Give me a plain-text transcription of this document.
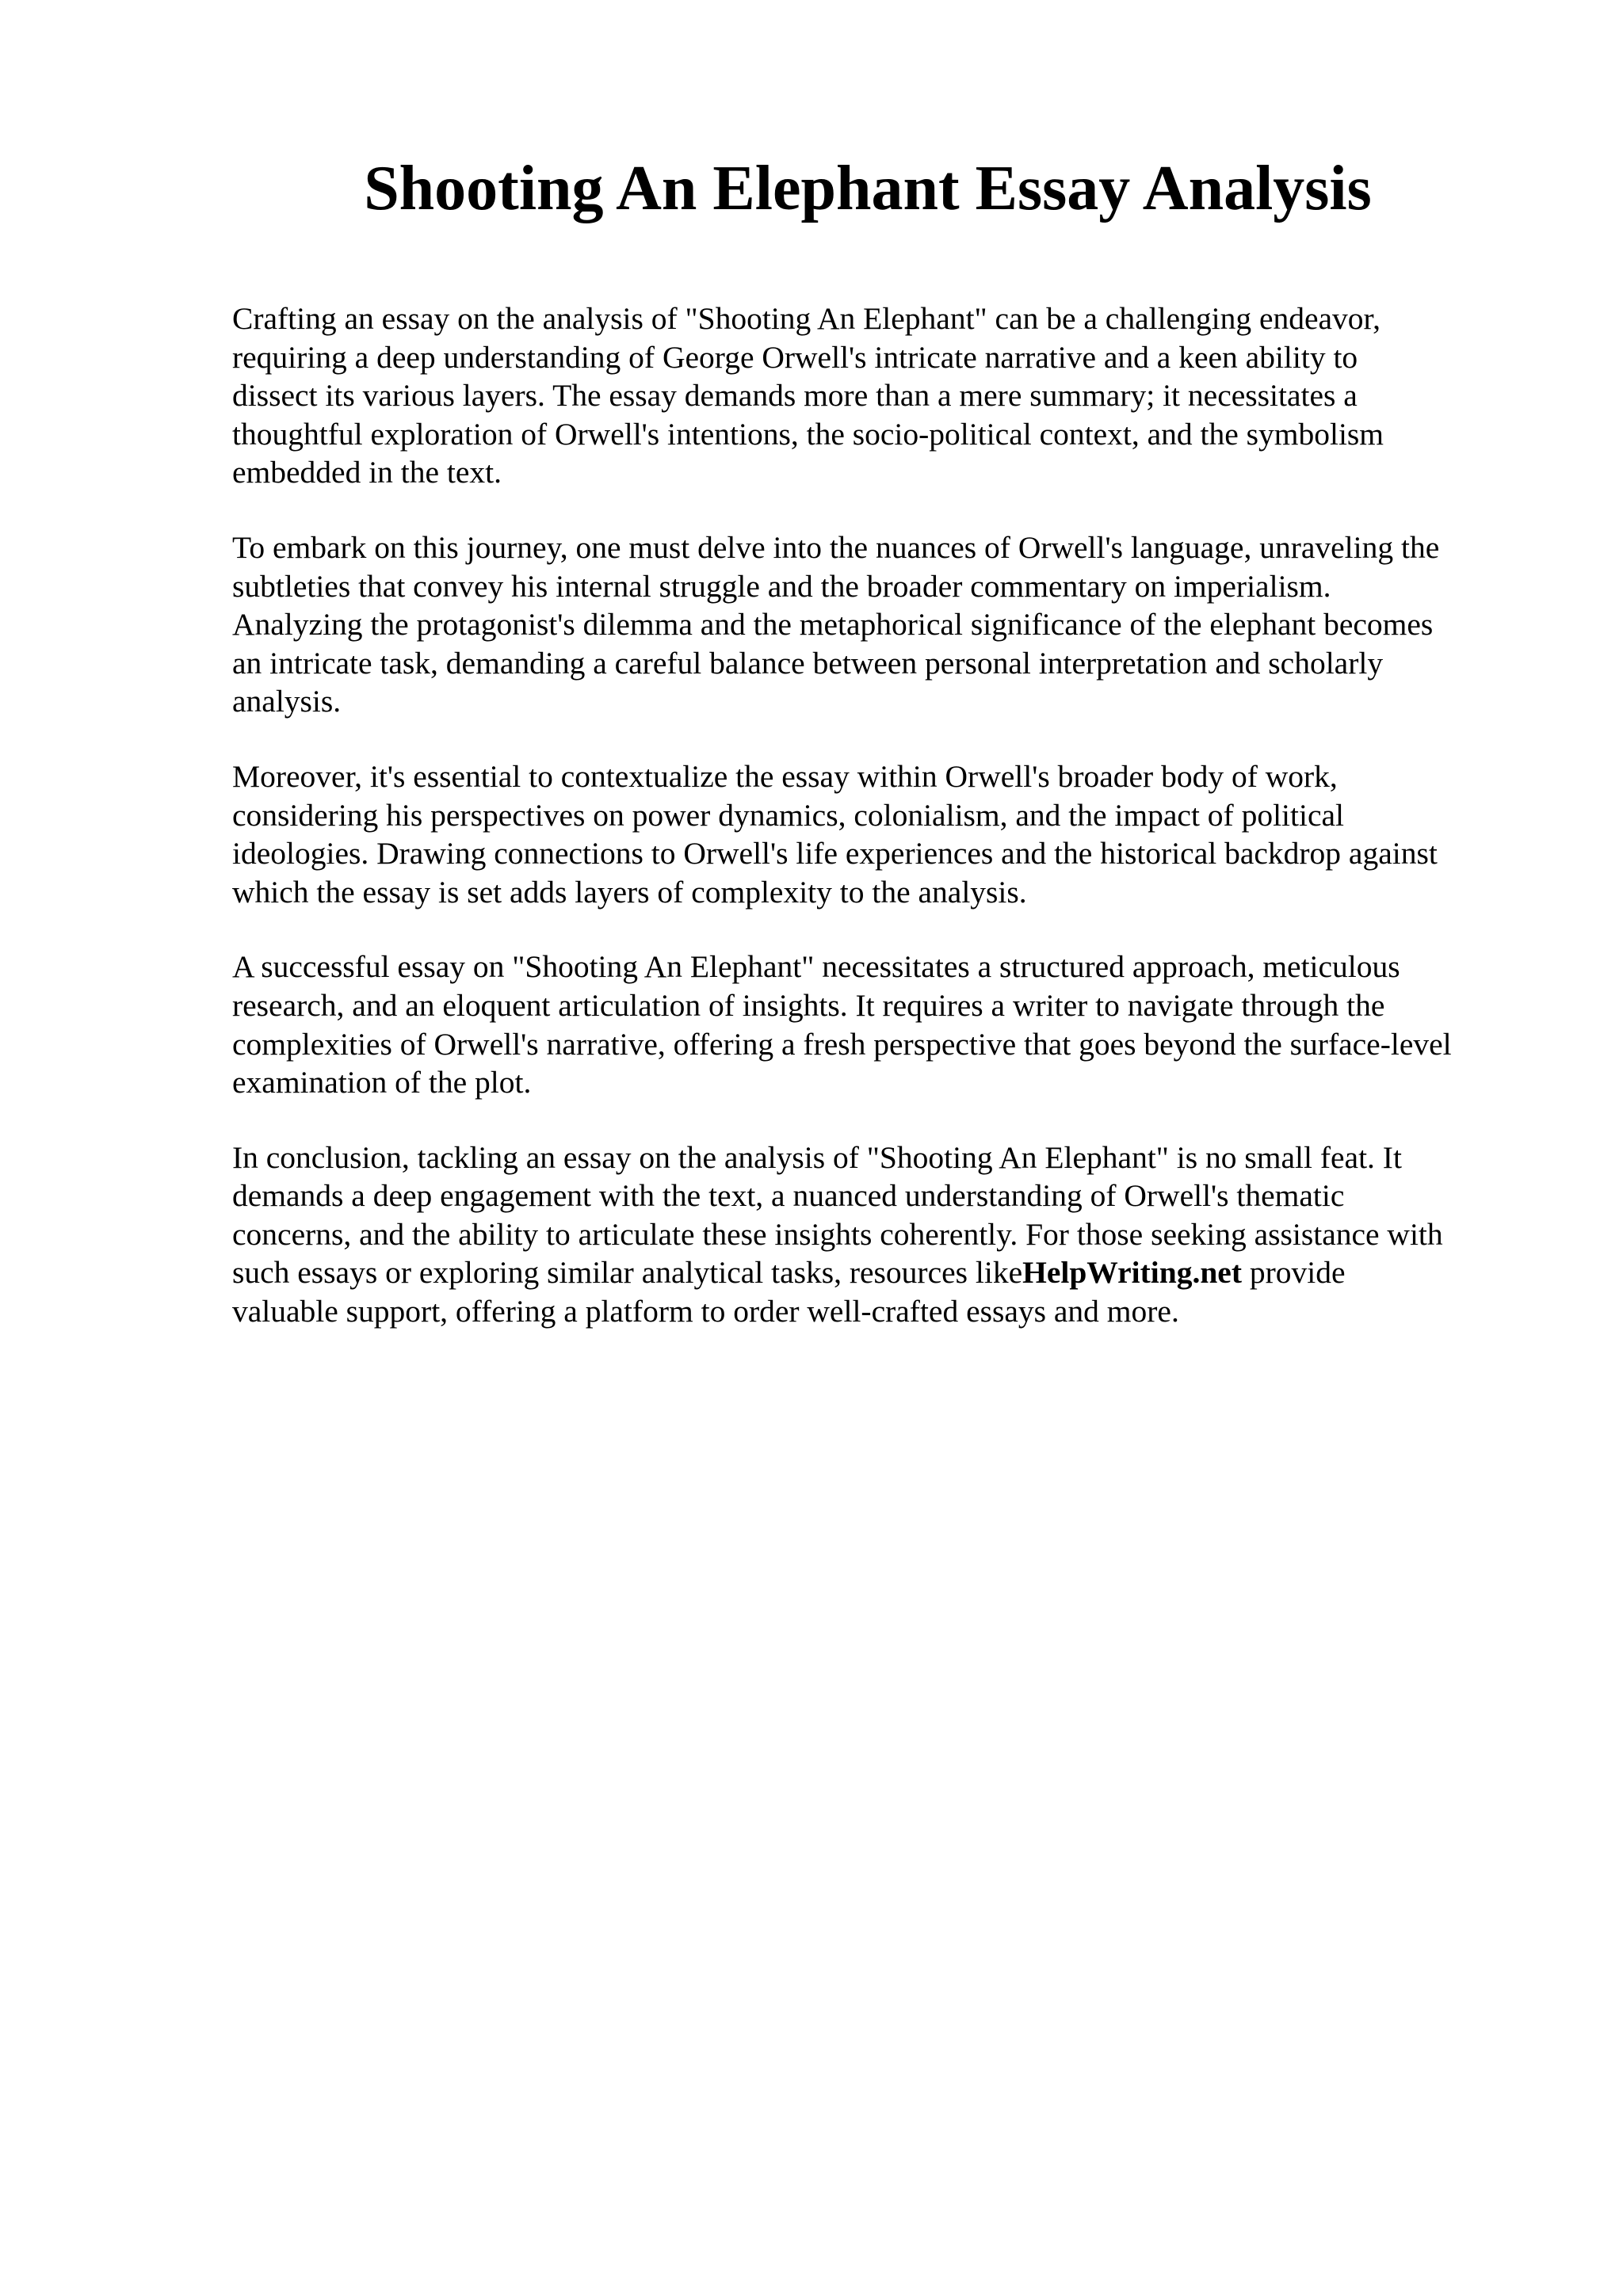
Shooting An Elephant Essay Analysis

Crafting an essay on the analysis of "Shooting An Elephant" can be a challenging endeavor,
requiring a deep understanding of George Orwell's intricate narrative and a keen ability to
dissect its various layers. The essay demands more than a mere summary; it necessitates a
thoughtful exploration of Orwell's intentions, the socio-political context, and the symbolism
embedded in the text.

To embark on this journey, one must delve into the nuances of Orwell's language, unraveling the
subtleties that convey his internal struggle and the broader commentary on imperialism.
Analyzing the protagonist's dilemma and the metaphorical significance of the elephant becomes
an intricate task, demanding a careful balance between personal interpretation and scholarly
analysis.

Moreover, it's essential to contextualize the essay within Orwell's broader body of work,
considering his perspectives on power dynamics, colonialism, and the impact of political
ideologies. Drawing connections to Orwell's life experiences and the historical backdrop against
which the essay is set adds layers of complexity to the analysis.

A successful essay on "Shooting An Elephant" necessitates a structured approach, meticulous
research, and an eloquent articulation of insights. It requires a writer to navigate through the
complexities of Orwell's narrative, offering a fresh perspective that goes beyond the surface-level
examination of the plot.

In conclusion, tackling an essay on the analysis of "Shooting An Elephant" is no small feat. It
demands a deep engagement with the text, a nuanced understanding of Orwell's thematic
concerns, and the ability to articulate these insights coherently. For those seeking assistance with
such essays or exploring similar analytical tasks, resources likeHelpWriting.net provide
valuable support, offering a platform to order well-crafted essays and more.
